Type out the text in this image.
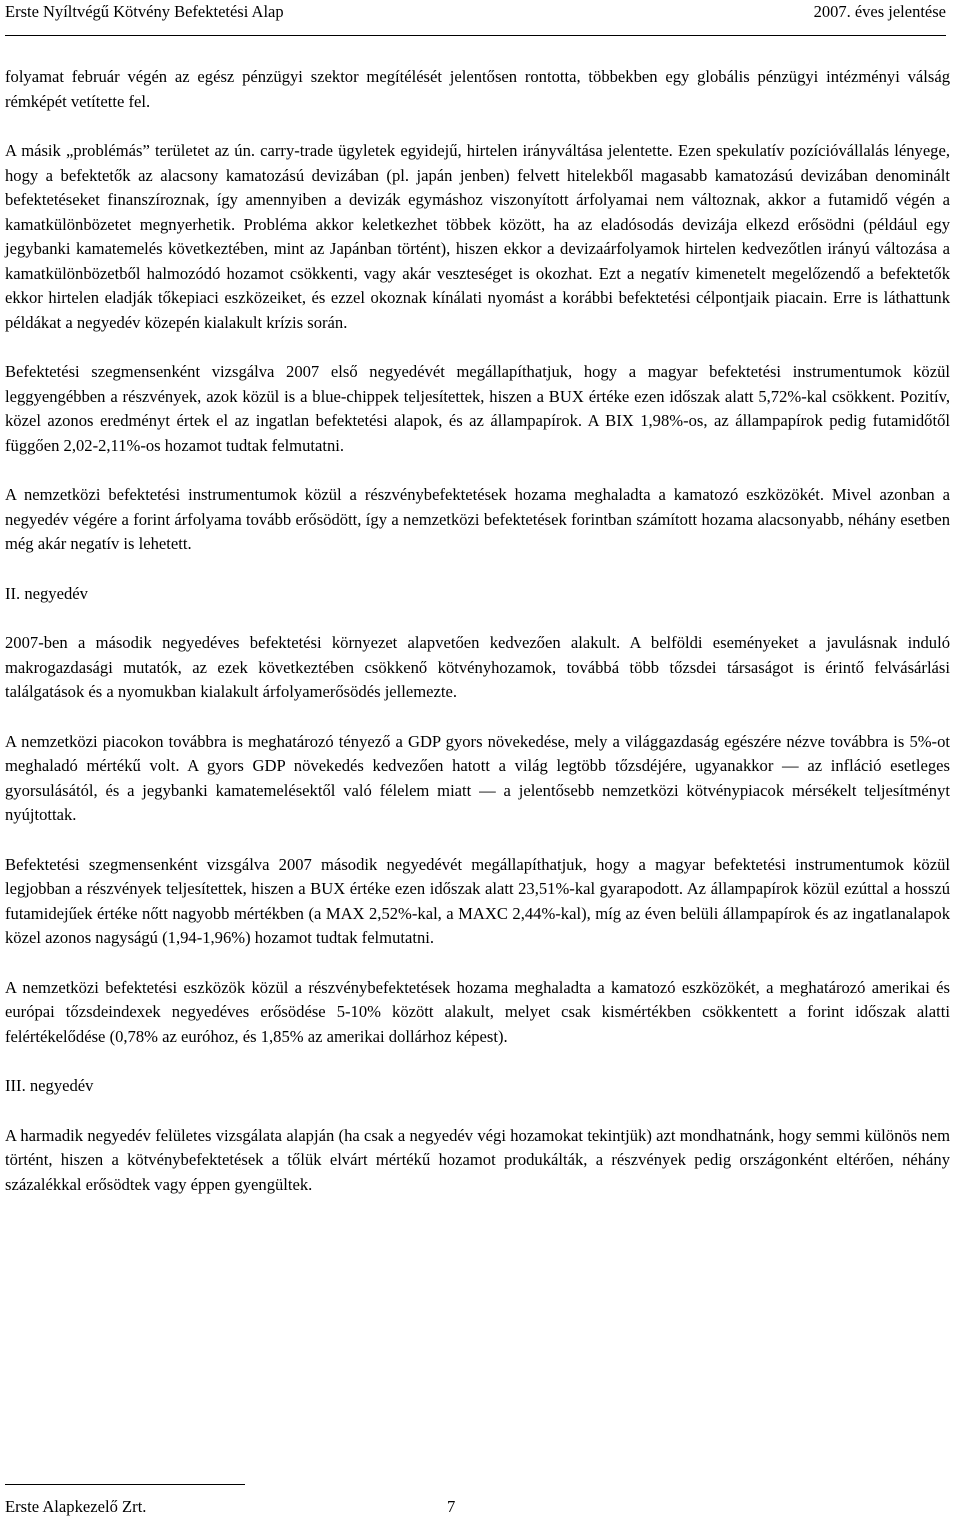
Erste Nyíltvégű Kötvény Befektetési Alap	2007. éves jelentése

folyamat február végén az egész pénzügyi szektor megítélését jelentősen rontotta, többekben egy globális pénzügyi intézményi válság rémképét vetítette fel.

A másik „problémás” területet az ún. carry-trade ügyletek egyidejű, hirtelen irányváltása jelentette. Ezen spekulatív pozícióvállalás lényege, hogy a befektetők az alacsony kamatozású devizában (pl. japán jenben) felvett hitelekből magasabb kamatozású devizában denominált befektetéseket finanszíroznak, így amennyiben a devizák egymáshoz viszonyított árfolyamai nem változnak, akkor a futamidő végén a kamatkülönbözetet megnyerhetik. Probléma akkor keletkezhet többek között, ha az eladósodás devizája elkezd erősödni (például egy jegybanki kamatemelés következtében, mint az Japánban történt), hiszen ekkor a devizaárfolyamok hirtelen kedvezőtlen irányú változása a kamatkülönbözetből halmozódó hozamot csökkenti, vagy akár veszteséget is okozhat. Ezt a negatív kimenetelt megelőzendő a befektetők ekkor hirtelen eladják tőkepiaci eszközeiket, és ezzel okoznak kínálati nyomást a korábbi befektetési célpontjaik piacain. Erre is láthattunk példákat a negyedév közepén kialakult krízis során.

Befektetési szegmensenként vizsgálva 2007 első negyedévét megállapíthatjuk, hogy a magyar befektetési instrumentumok közül leggyengébben a részvények, azok közül is a blue-chippek teljesítettek, hiszen a BUX értéke ezen időszak alatt 5,72%-kal csökkent. Pozitív, közel azonos eredményt értek el az ingatlan befektetési alapok, és az állampapírok. A BIX 1,98%-os, az állampapírok pedig futamidőtől függően 2,02-2,11%-os hozamot tudtak felmutatni.

A nemzetközi befektetési instrumentumok közül a részvénybefektetések hozama meghaladta a kamatozó eszközökét. Mivel azonban a negyedév végére a forint árfolyama tovább erősödött, így a nemzetközi befektetések forintban számított hozama alacsonyabb, néhány esetben még akár negatív is lehetett.

II. negyedév

2007-ben a második negyedéves befektetési környezet alapvetően kedvezően alakult. A belföldi eseményeket a javulásnak induló makrogazdasági mutatók, az ezek következtében csökkenő kötvényhozamok, továbbá több tőzsdei társaságot is érintő felvásárlási találgatások és a nyomukban kialakult árfolyamerősödés jellemezte.

A nemzetközi piacokon továbbra is meghatározó tényező a GDP gyors növekedése, mely a világgazdaság egészére nézve továbbra is 5%-ot meghaladó mértékű volt. A gyors GDP növekedés kedvezően hatott a világ legtöbb tőzsdéjére, ugyanakkor — az infláció esetleges gyorsulásától, és a jegybanki kamatemelésektől való félelem miatt — a jelentősebb nemzetközi kötvénypiacok mérsékelt teljesítményt nyújtottak.

Befektetési szegmensenként vizsgálva 2007 második negyedévét megállapíthatjuk, hogy a magyar befektetési instrumentumok közül legjobban a részvények teljesítettek, hiszen a BUX értéke ezen időszak alatt 23,51%-kal gyarapodott. Az állampapírok közül ezúttal a hosszú futamidejűek értéke nőtt nagyobb mértékben (a MAX 2,52%-kal, a MAXC 2,44%-kal), míg az éven belüli állampapírok és az ingatlanalapok közel azonos nagyságú (1,94-1,96%) hozamot tudtak felmutatni.

A nemzetközi befektetési eszközök közül a részvénybefektetések hozama meghaladta a kamatozó eszközökét, a meghatározó amerikai és európai tőzsdeindexek negyedéves erősödése 5-10% között alakult, melyet csak kismértékben csökkentett a forint időszak alatti felértékelődése (0,78% az euróhoz, és 1,85% az amerikai dollárhoz képest).

III. negyedév

A harmadik negyedév felületes vizsgálata alapján (ha csak a negyedév végi hozamokat tekintjük) azt mondhatnánk, hogy semmi különös nem történt, hiszen a kötvénybefektetések a tőlük elvárt mértékű hozamot produkálták, a részvények pedig országonként eltérően, néhány százalékkal erősödtek vagy éppen gyengültek.

Erste Alapkezelő Zrt.	7
